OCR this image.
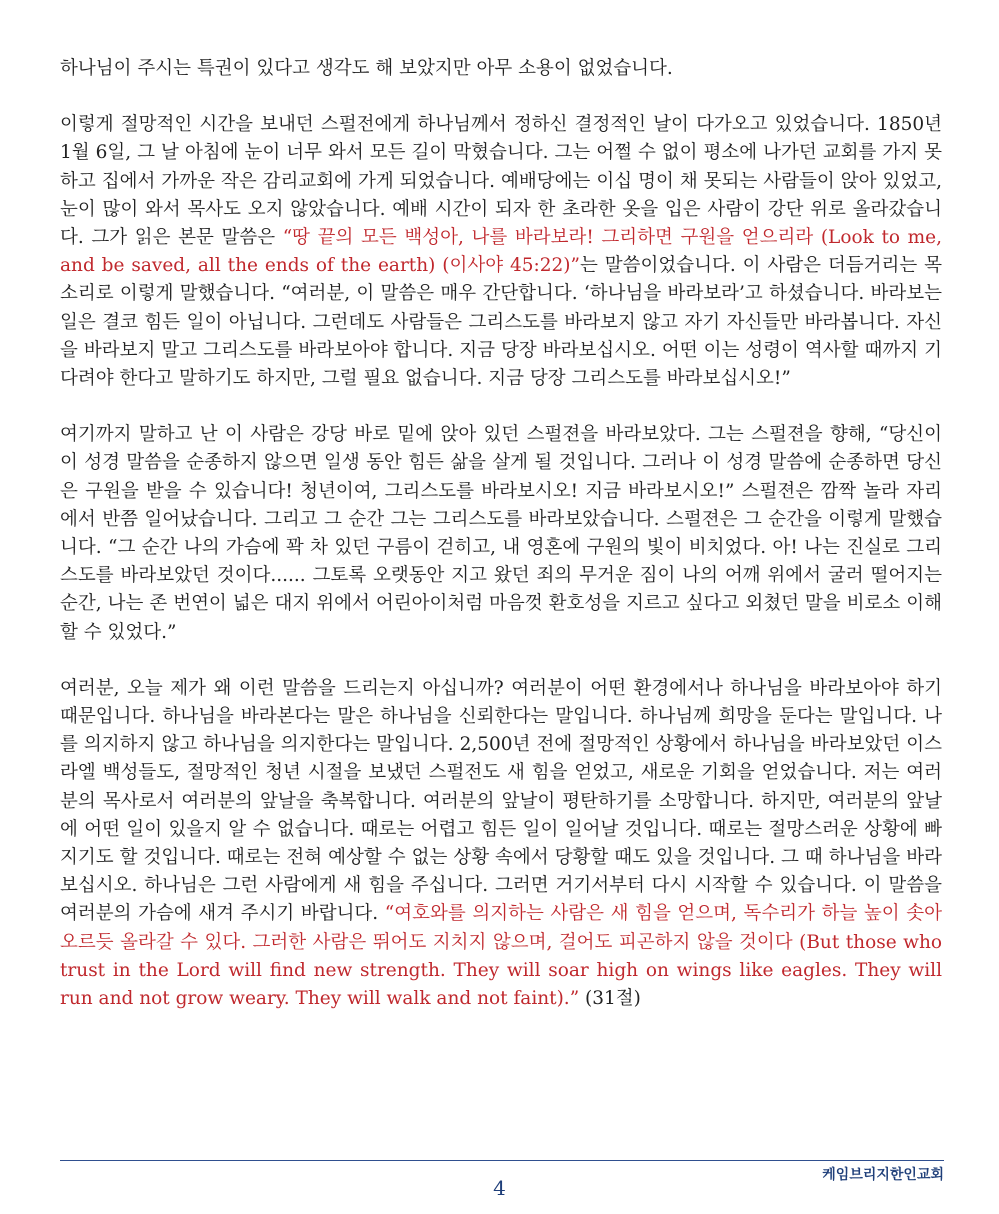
하나님이 주시는 특권이 있다고 생각도 해 보았지만 아무 소용이 없었습니다.

이렇게 절망적인 시간을 보내던 스펄전에게 하나님께서 정하신 결정적인 날이 다가오고 있었습니다. 1850년 1월 6일, 그 날 아침에 눈이 너무 와서 모든 길이 막혔습니다. 그는 어쩔 수 없이 평소에 나가던 교회를 가지 못하고 집에서 가까운 작은 감리교회에 가게 되었습니다. 예배당에는 이십 명이 채 못되는 사람들이 앉아 있었고, 눈이 많이 와서 목사도 오지 않았습니다. 예배 시간이 되자 한 초라한 옷을 입은 사람이 강단 위로 올라갔습니다. 그가 읽은 본문 말씀은 “땅 끝의 모든 백성아, 나를 바라보라! 그리하면 구원을 얻으리라 (Look to me, and be saved, all the ends of the earth) (이사야 45:22)”는 말씀이었습니다. 이 사람은 더듬거리는 목소리로 이렇게 말했습니다. “여러분, 이 말씀은 매우 간단합니다. ‘하나님을 바라보라’고 하셨습니다. 바라보는 일은 결코 힘든 일이 아닙니다. 그런데도 사람들은 그리스도를 바라보지 않고 자기 자신들만 바라봅니다. 자신을 바라보지 말고 그리스도를 바라보아야 합니다. 지금 당장 바라보십시오. 어떤 이는 성령이 역사할 때까지 기다려야 한다고 말하기도 하지만, 그럴 필요 없습니다. 지금 당장 그리스도를 바라보십시오!”

여기까지 말하고 난 이 사람은 강당 바로 밑에 앉아 있던 스펄젼을 바라보았다. 그는 스펄젼을 향해, “당신이 이 성경 말씀을 순종하지 않으면 일생 동안 힘든 삶을 살게 될 것입니다. 그러나 이 성경 말씀에 순종하면 당신은 구원을 받을 수 있습니다! 청년이여, 그리스도를 바라보시오! 지금 바라보시오!” 스펄젼은 깜짝 놀라 자리에서 반쯤 일어났습니다. 그리고 그 순간 그는 그리스도를 바라보았습니다. 스펄젼은 그 순간을 이렇게 말했습니다. “그 순간 나의 가슴에 꽉 차 있던 구름이 걷히고, 내 영혼에 구원의 빛이 비치었다. 아! 나는 진실로 그리스도를 바라보았던 것이다...... 그토록 오랫동안 지고 왔던 죄의 무거운 짐이 나의 어깨 위에서 굴러 떨어지는 순간, 나는 존 번연이 넓은 대지 위에서 어린아이처럼 마음껏 환호성을 지르고 싶다고 외쳤던 말을 비로소 이해할 수 있었다.”

여러분, 오늘 제가 왜 이런 말씀을 드리는지 아십니까? 여러분이 어떤 환경에서나 하나님을 바라보아야 하기 때문입니다. 하나님을 바라본다는 말은 하나님을 신뢰한다는 말입니다. 하나님께 희망을 둔다는 말입니다. 나를 의지하지 않고 하나님을 의지한다는 말입니다. 2,500년 전에 절망적인 상황에서 하나님을 바라보았던 이스라엘 백성들도, 절망적인 청년 시절을 보냈던 스펄전도 새 힘을 얻었고, 새로운 기회을 얻었습니다. 저는 여러분의 목사로서 여러분의 앞날을 축복합니다. 여러분의 앞날이 평탄하기를 소망합니다. 하지만, 여러분의 앞날에 어떤 일이 있을지 알 수 없습니다. 때로는 어렵고 힘든 일이 일어날 것입니다. 때로는 절망스러운 상황에 빠지기도 할 것입니다. 때로는 전혀 예상할 수 없는 상황 속에서 당황할 때도 있을 것입니다. 그 때 하나님을 바라보십시오. 하나님은 그런 사람에게 새 힘을 주십니다. 그러면 거기서부터 다시 시작할 수 있습니다. 이 말씀을 여러분의 가슴에 새겨 주시기 바랍니다. “여호와를 의지하는 사람은 새 힘을 얻으며, 독수리가 하늘 높이 솟아오르듯 올라갈 수 있다. 그러한 사람은 뛰어도 지치지 않으며, 걸어도 피곤하지 않을 것이다 (But those who trust in the Lord will find new strength. They will soar high on wings like eagles. They will run and not grow weary. They will walk and not faint).” (31절)

4
케임브리지한인교회
